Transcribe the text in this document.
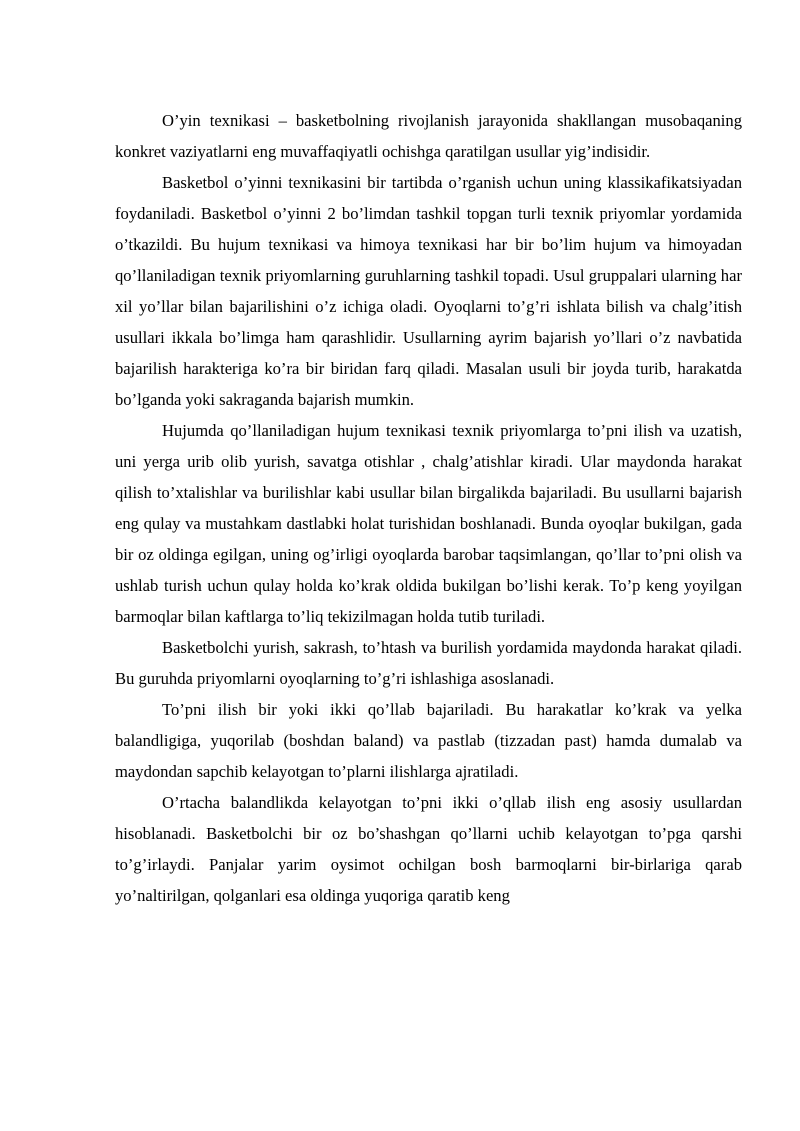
O’yin texnikasi – basketbolning rivojlanish jarayonida shakllangan musobaqaning konkret vaziyatlarni eng muvaffaqiyatli ochishga qaratilgan usullar yig’indisidir.

Basketbol o’yinni texnikasini bir tartibda o’rganish uchun uning klassikafikatsiyadan foydaniladi. Basketbol o’yinni 2 bo’limdan tashkil topgan turli texnik priyomlar yordamida o’tkazildi. Bu hujum texnikasi va himoya texnikasi har bir bo’lim hujum va himoyadan qo’llaniladigan texnik priyomlarning guruhlarning tashkil topadi. Usul gruppalari ularning har xil yo’llar bilan bajarilishini o’z ichiga oladi. Oyoqlarni to’g’ri ishlata bilish va chalg’itish usullari ikkala bo’limga ham qarashlidir. Usullarning ayrim bajarish yo’llari o’z navbatida bajarilish harakteriga ko’ra bir biridan farq qiladi. Masalan usuli bir joyda turib, harakatda bo’lganda yoki sakraganda bajarish mumkin.

Hujumda qo’llaniladigan hujum texnikasi texnik priyomlarga to’pni ilish va uzatish, uni yerga urib olib yurish, savatga otishlar , chalg’atishlar kiradi. Ular maydonda harakat qilish to’xtalishlar va burilishlar kabi usullar bilan birgalikda bajariladi. Bu usullarni bajarish eng qulay va mustahkam dastlabki holat turishidan boshlanadi. Bunda oyoqlar bukilgan, gada bir oz oldinga egilgan, uning og’irligi oyoqlarda barobar taqsimlangan, qo’llar to’pni olish va ushlab turish uchun qulay holda ko’krak oldida bukilgan bo’lishi kerak. To’p keng yoyilgan barmoqlar bilan kaftlarga to’liq tekizilmagan holda tutib turiladi.

Basketbolchi yurish, sakrash, to’htash va burilish yordamida maydonda harakat qiladi. Bu guruhda priyomlarni oyoqlarning to’g’ri ishlashiga asoslanadi.

To’pni ilish bir yoki ikki qo’llab bajariladi. Bu harakatlar ko’krak va yelka balandligiga, yuqorilab (boshdan baland) va pastlab (tizzadan past) hamda dumalab va maydondan sapchib kelayotgan to’plarni ilishlarga ajratiladi.

O’rtacha balandlikda kelayotgan to’pni ikki o’qllab ilish eng asosiy usullardan hisoblanadi. Basketbolchi bir oz bo’shashgan qo’llarni uchib kelayotgan to’pga qarshi to’g’irlaydi. Panjalar yarim oysimot ochilgan bosh barmoqlarni bir-birlariga qarab yo’naltirilgan, qolganlari esa oldinga yuqoriga qaratib keng
